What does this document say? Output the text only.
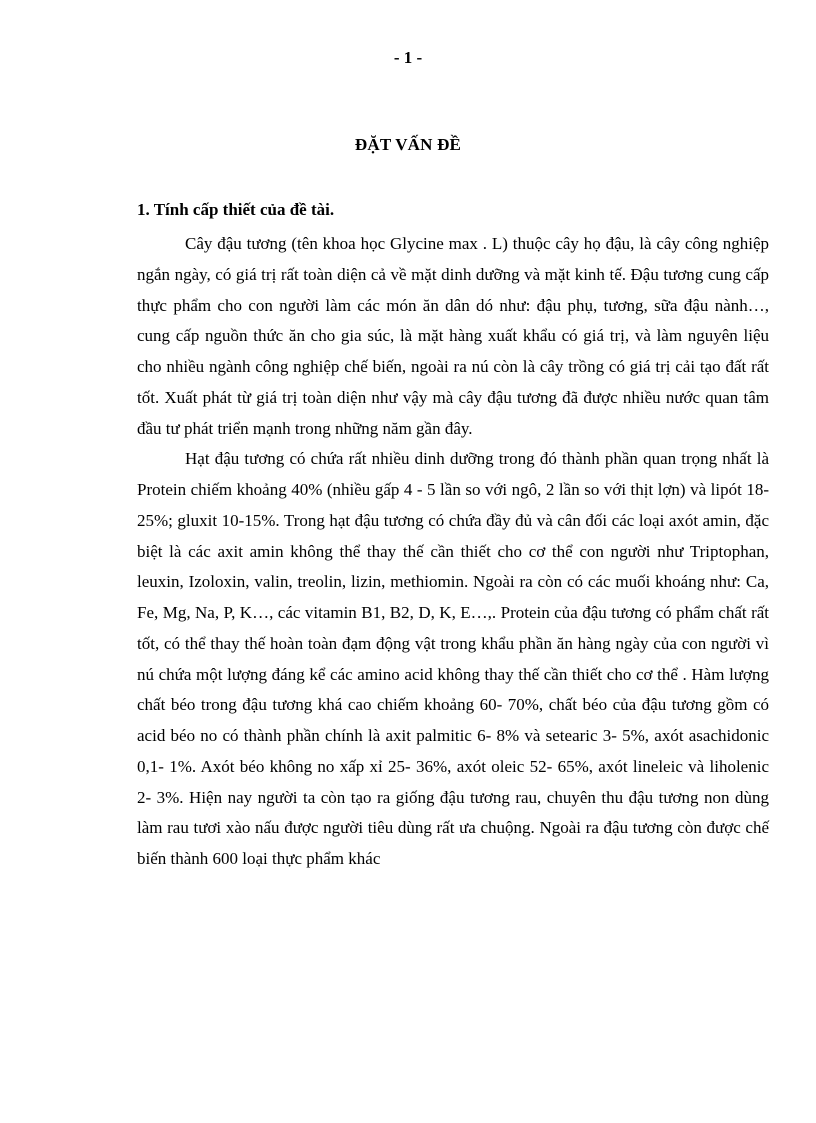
- 1 -
ĐẶT VẤN ĐỀ
1. Tính cấp thiết của đề tài.

Cây đậu tương (tên khoa học Glycine max . L) thuộc cây họ đậu, là cây công nghiệp ngắn ngày, có giá trị rất toàn diện cả về mặt dinh dưỡng và mặt kinh tế. Đậu tương cung cấp thực phẩm cho con người làm các món ăn dân dó như: đậu phụ, tương, sữa đậu nành…, cung cấp nguồn thức ăn cho gia súc, là mặt hàng xuất khẩu có giá trị, và làm nguyên liệu cho nhiều ngành công nghiệp chế biến, ngoài ra nú còn là cây trồng có giá trị cải tạo đất rất tốt. Xuất phát từ giá trị toàn diện như vậy mà cây đậu tương đã được nhiều nước quan tâm đầu tư phát triển mạnh trong những năm gần đây.

Hạt đậu tương có chứa rất nhiều dinh dưỡng trong đó thành phần quan trọng nhất là Protein chiếm khoảng 40% (nhiều gấp 4 - 5 lần so với ngô, 2 lần so với thịt lợn) và lipót 18- 25%; gluxit 10-15%. Trong hạt đậu tương có chứa đầy đủ và cân đối các loại axót amin, đặc biệt là các axit amin không thể thay thế cần thiết cho cơ thể con người như Triptophan, leuxin, Izoloxin, valin, treolin, lizin, methiomin. Ngoài ra còn có các muối khoáng như: Ca, Fe, Mg, Na, P, K…, các vitamin B1, B2, D, K, E…,. Protein của đậu tương có phẩm chất rất tốt, có thể thay thế hoàn toàn đạm động vật trong khẩu phần ăn hàng ngày của con người vì nú chứa một lượng đáng kể các amino acid không thay thế cần thiết cho cơ thể . Hàm lượng chất béo trong đậu tương khá cao chiếm khoảng 60- 70%, chất béo của đậu tương gồm có acid béo no có thành phần chính là axit palmitic 6- 8% và setearic 3- 5%, axót asachidonic 0,1- 1%. Axót béo không no xấp xỉ 25- 36%, axót oleic 52- 65%, axót lineleic và liholenic 2- 3%. Hiện nay người ta còn tạo ra giống đậu tương rau, chuyên thu đậu tương non dùng làm rau tươi xào nấu được người tiêu dùng rất ưa chuộng. Ngoài ra đậu tương còn được chế biến thành 600 loại thực phẩm khác
